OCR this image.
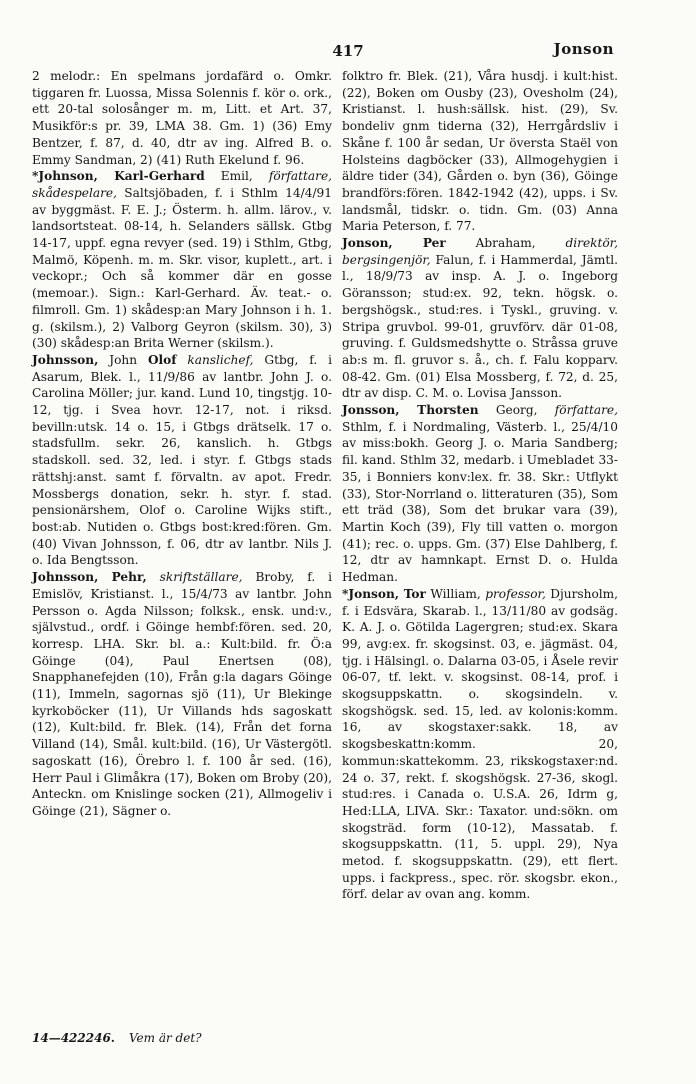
417	Jonson

2 melodr.: En spelmans jordafärd o. Omkr. tiggaren fr. Luossa, Missa Solennis f. kör o. ork., ett 20-tal solosånger m. m, Litt. et Art. 37, Musikför:s pr. 39, LMA 38. Gm. 1) (36) Emy Bentzer, f. 87, d. 40, dtr av ing. Alfred B. o. Emmy Sandman, 2) (41) Ruth Ekelund f. 96.

*Johnson, Karl-Gerhard Emil, författare, skådespelare, Saltsjöbaden, f. i Sthlm 14/4/91 av byggmäst. F. E. J.; Österm. h. allm. lärov., v. landsortsteat. 08-14, h. Selanders sällsk. Gtbg 14-17, uppf. egna revyer (sed. 19) i Sthlm, Gtbg, Malmö, Köpenh. m. m. Skr. visor, kuplett., art. i veckopr.; Och så kommer där en gosse (memoar.). Sign.: Karl-Gerhard. Äv. teat.- o. filmroll. Gm. 1) skådesp:an Mary Johnson i h. 1. g. (skilsm.), 2) Valborg Geyron (skilsm. 30), 3) (30) skådesp:an Brita Werner (skilsm.).

Johnsson, John Olof kanslichef, Gtbg, f. i Asarum, Blek. l., 11/9/86 av lantbr. John J. o. Carolina Möller; jur. kand. Lund 10, tingstjg. 10-12, tjg. i Svea hovr. 12-17, not. i riksd. bevilln:utsk. 14 o. 15, i Gtbgs drätselk. 17 o. stadsfullm. sekr. 26, kanslich. h. Gtbgs stadskoll. sed. 32, led. i styr. f. Gtbgs stads rättshj:anst. samt f. förvaltn. av apot. Fredr. Mossbergs donation, sekr. h. styr. f. stad. pensionärshem, Olof o. Caroline Wijks stift., bost:ab. Nutiden o. Gtbgs bost:kred:fören. Gm. (40) Vivan Johnsson, f. 06, dtr av lantbr. Nils J. o. Ida Bengtsson.

Johnsson, Pehr, skriftställare, Broby, f. i Emislöv, Kristianst. l., 15/4/73 av lantbr. John Persson o. Agda Nilsson; folksk., ensk. und:v., självstud., ordf. i Göinge hembf:fören. sed. 20, korresp. LHA. Skr. bl. a.: Kult:bild. fr. Ö:a Göinge (04), Paul Enertsen (08), Snapphanefejden (10), Från g:la dagars Göinge (11), Immeln, sagornas sjö (11), Ur Blekinge kyrkoböcker (11), Ur Villands hds sagoskatt (12), Kult:bild. fr. Blek. (14), Från det forna Villand (14), Smål. kult:bild. (16), Ur Västergötl. sagoskatt (16), Örebro l. f. 100 år sed. (16), Herr Paul i Glimåkra (17), Boken om Broby (20), Anteckn. om Knislinge socken (21), Allmogeliv i Göinge (21), Sägner o.

folktro fr. Blek. (21), Våra husdj. i kult:hist. (22), Boken om Ousby (23), Ovesholm (24), Kristianst. l. hush:sällsk. hist. (29), Sv. bondeliv gnm tiderna (32), Herrgårdsliv i Skåne f. 100 år sedan, Ur översta Staël von Holsteins dagböcker (33), Allmogehygien i äldre tider (34), Gården o. byn (36), Göinge brandförs:fören. 1842-1942 (42), upps. i Sv. landsmål, tidskr. o. tidn. Gm. (03) Anna Maria Peterson, f. 77.

Jonson, Per Abraham, direktör, bergsingenjör, Falun, f. i Hammerdal, Jämtl. l., 18/9/73 av insp. A. J. o. Ingeborg Göransson; stud:ex. 92, tekn. högsk. o. bergshögsk., stud:res. i Tyskl., gruving. v. Stripa gruvbol. 99-01, gruvförv. där 01-08, gruving. f. Guldsmedshytte o. Stråssa gruve ab:s m. fl. gruvor s. å., ch. f. Falu kopparv. 08-42. Gm. (01) Elsa Mossberg, f. 72, d. 25, dtr av disp. C. M. o. Lovisa Jansson.

Jonsson, Thorsten Georg, författare, Sthlm, f. i Nordmaling, Västerb. l., 25/4/10 av miss:bokh. Georg J. o. Maria Sandberg; fil. kand. Sthlm 32, medarb. i Umebladet 33-35, i Bonniers konv:lex. fr. 38. Skr.: Utflykt (33), Stor-Norrland o. litteraturen (35), Som ett träd (38), Som det brukar vara (39), Martin Koch (39), Fly till vatten o. morgon (41); rec. o. upps. Gm. (37) Else Dahlberg, f. 12, dtr av hamnkapt. Ernst D. o. Hulda Hedman.

*Jonson, Tor William, professor, Djursholm, f. i Edsvära, Skarab. l., 13/11/80 av godsäg. K. A. J. o. Götilda Lagergren; stud:ex. Skara 99, avg:ex. fr. skogsinst. 03, e. jägmäst. 04, tjg. i Hälsingl. o. Dalarna 03-05, i Åsele revir 06-07, tf. lekt. v. skogsinst. 08-14, prof. i skogsuppskattn. o. skogsindeln. v. skogshögsk. sed. 15, led. av kolonis:komm. 16, av skogstaxer:sakk. 18, av skogsbeskattn:komm. 20, kommun:skattekomm. 23, rikskogstaxer:nd. 24 o. 37, rekt. f. skogshögsk. 27-36, skogl. stud:res. i Canada o. U.S.A. 26, Idrm g, Hed:LLA, LIVA. Skr.: Taxator. und:sökn. om skogsträd. form (10-12), Massatab. f. skogsuppskattn. (11, 5. uppl. 29), Nya metod. f. skogsuppskattn. (29), ett flert. upps. i fackpress., spec. rör. skogsbr. ekon., förf. delar av ovan ang. komm.

14—422246. Vem är det?
